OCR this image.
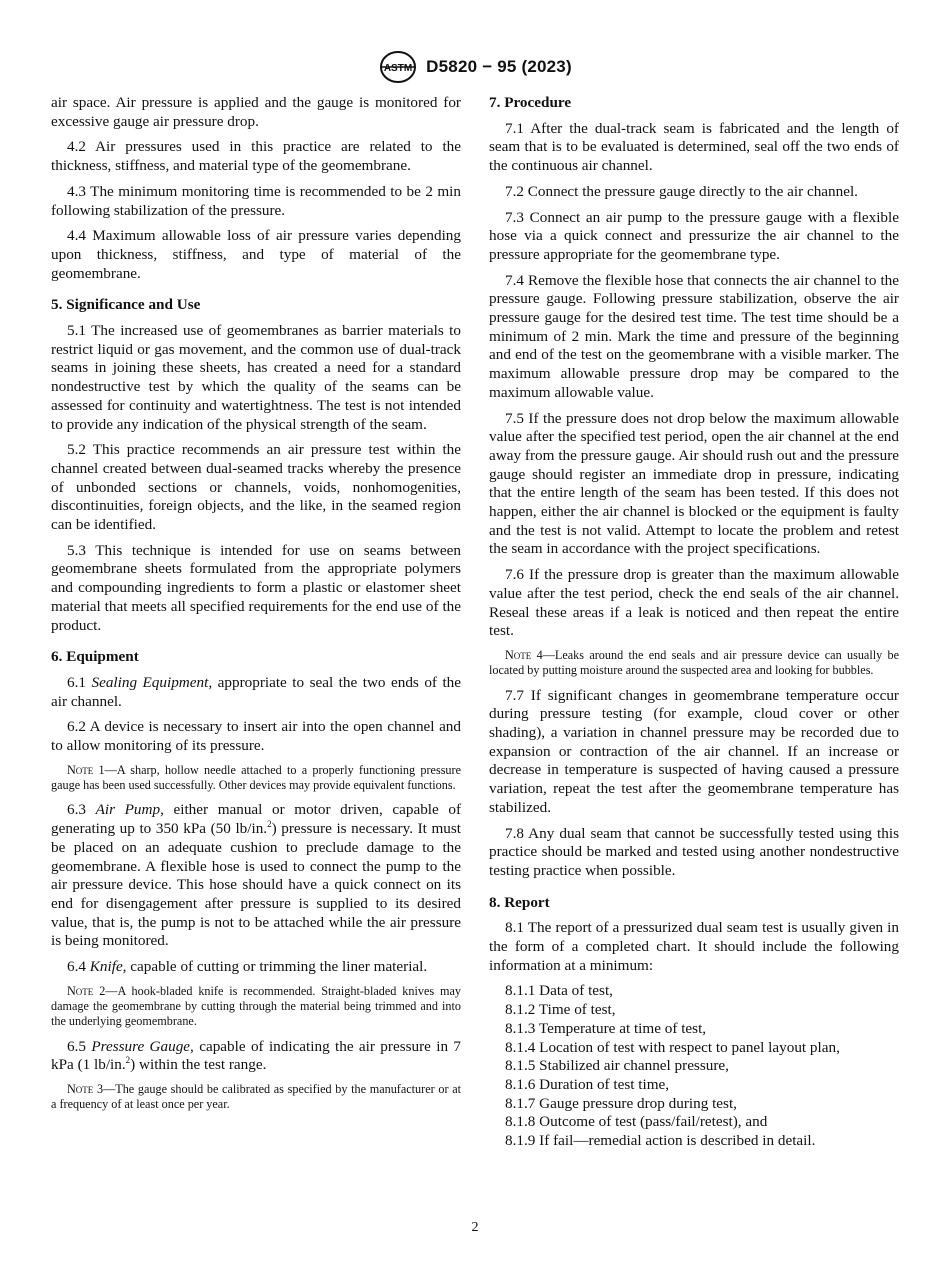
ASTM D5820 − 95 (2023)

air space. Air pressure is applied and the gauge is monitored for excessive gauge air pressure drop.

4.2 Air pressures used in this practice are related to the thickness, stiffness, and material type of the geomembrane.

4.3 The minimum monitoring time is recommended to be 2 min following stabilization of the pressure.

4.4 Maximum allowable loss of air pressure varies depending upon thickness, stiffness, and type of material of the geomembrane.

5. Significance and Use

5.1 The increased use of geomembranes as barrier materials to restrict liquid or gas movement, and the common use of dual-track seams in joining these sheets, has created a need for a standard nondestructive test by which the quality of the seams can be assessed for continuity and watertightness. The test is not intended to provide any indication of the physical strength of the seam.

5.2 This practice recommends an air pressure test within the channel created between dual-seamed tracks whereby the presence of unbonded sections or channels, voids, nonhomogenities, discontinuities, foreign objects, and the like, in the seamed region can be identified.

5.3 This technique is intended for use on seams between geomembrane sheets formulated from the appropriate polymers and compounding ingredients to form a plastic or elastomer sheet material that meets all specified requirements for the end use of the product.

6. Equipment

6.1 Sealing Equipment, appropriate to seal the two ends of the air channel.

6.2 A device is necessary to insert air into the open channel and to allow monitoring of its pressure.

Note 1—A sharp, hollow needle attached to a properly functioning pressure gauge has been used successfully. Other devices may provide equivalent functions.

6.3 Air Pump, either manual or motor driven, capable of generating up to 350 kPa (50 lb/in.$^2$) pressure is necessary. It must be placed on an adequate cushion to preclude damage to the geomembrane. A flexible hose is used to connect the pump to the air pressure device. This hose should have a quick connect on its end for disengagement after pressure is supplied to its desired value, that is, the pump is not to be attached while the air pressure is being monitored.

6.4 Knife, capable of cutting or trimming the liner material.

Note 2—A hook-bladed knife is recommended. Straight-bladed knives may damage the geomembrane by cutting through the material being trimmed and into the underlying geomembrane.

6.5 Pressure Gauge, capable of indicating the air pressure in 7 kPa (1 lb/in.$^2$) within the test range.

Note 3—The gauge should be calibrated as specified by the manufacturer or at a frequency of at least once per year.

7. Procedure

7.1 After the dual-track seam is fabricated and the length of seam that is to be evaluated is determined, seal off the two ends of the continuous air channel.

7.2 Connect the pressure gauge directly to the air channel.

7.3 Connect an air pump to the pressure gauge with a flexible hose via a quick connect and pressurize the air channel to the pressure appropriate for the geomembrane type.

7.4 Remove the flexible hose that connects the air channel to the pressure gauge. Following pressure stabilization, observe the air pressure gauge for the desired test time. The test time should be a minimum of 2 min. Mark the time and pressure of the beginning and end of the test on the geomembrane with a visible marker. The maximum allowable pressure drop may be compared to the maximum allowable value.

7.5 If the pressure does not drop below the maximum allowable value after the specified test period, open the air channel at the end away from the pressure gauge. Air should rush out and the pressure gauge should register an immediate drop in pressure, indicating that the entire length of the seam has been tested. If this does not happen, either the air channel is blocked or the equipment is faulty and the test is not valid. Attempt to locate the problem and retest the seam in accordance with the project specifications.

7.6 If the pressure drop is greater than the maximum allowable value after the test period, check the end seals of the air channel. Reseal these areas if a leak is noticed and then repeat the entire test.

Note 4—Leaks around the end seals and air pressure device can usually be located by putting moisture around the suspected area and looking for bubbles.

7.7 If significant changes in geomembrane temperature occur during pressure testing (for example, cloud cover or other shading), a variation in channel pressure may be recorded due to expansion or contraction of the air channel. If an increase or decrease in temperature is suspected of having caused a pressure variation, repeat the test after the geomembrane temperature has stabilized.

7.8 Any dual seam that cannot be successfully tested using this practice should be marked and tested using another nondestructive testing practice when possible.

8. Report

8.1 The report of a pressurized dual seam test is usually given in the form of a completed chart. It should include the following information at a minimum:

8.1.1 Data of test,

8.1.2 Time of test,

8.1.3 Temperature at time of test,

8.1.4 Location of test with respect to panel layout plan,

8.1.5 Stabilized air channel pressure,

8.1.6 Duration of test time,

8.1.7 Gauge pressure drop during test,

8.1.8 Outcome of test (pass/fail/retest), and

8.1.9 If fail—remedial action is described in detail.

2
